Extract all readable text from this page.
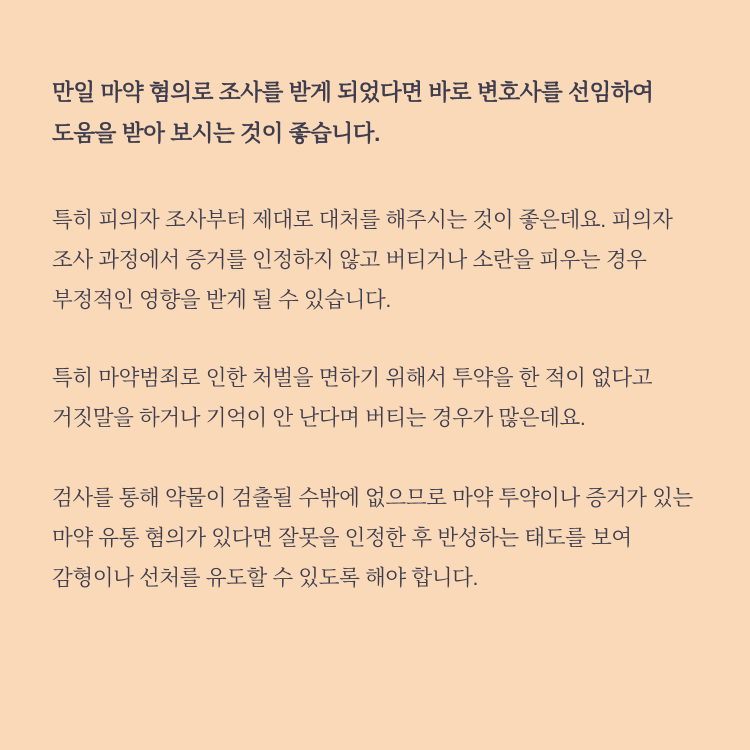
만일 마약 혐의로 조사를 받게 되었다면 바로 변호사를 선임하여 도움을 받아 보시는 것이 좋습니다.

특히 피의자 조사부터 제대로 대처를 해주시는 것이 좋은데요. 피의자 조사 과정에서 증거를 인정하지 않고 버티거나 소란을 피우는 경우 부정적인 영향을 받게 될 수 있습니다.

특히 마약범죄로 인한 처벌을 면하기 위해서 투약을 한 적이 없다고 거짓말을 하거나 기억이 안 난다며 버티는 경우가 많은데요.

검사를 통해 약물이 검출될 수밖에 없으므로 마약 투약이나 증거가 있는 마약 유통 혐의가 있다면 잘못을 인정한 후 반성하는 태도를 보여 감형이나 선처를 유도할 수 있도록 해야 합니다.
